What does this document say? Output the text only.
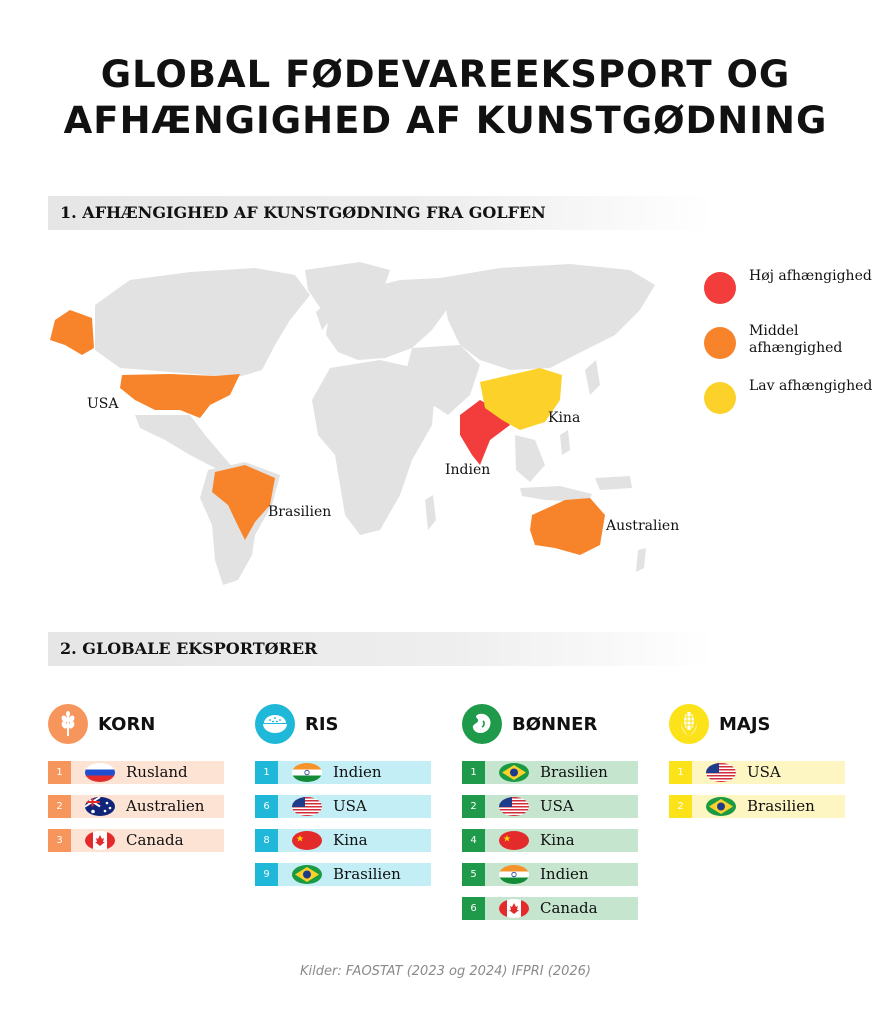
GLOBAL FØDEVAREEKSPORT OG
AFHÆNGIGHED AF KUNSTGØDNING
1. AFHÆNGIGHED AF KUNSTGØDNING FRA GOLFEN
USA
Brasilien
Indien
Kina
Australien
Høj afhængighed
Middel afhængighed
Lav afhængighed
2. GLOBALE EKSPORTØRER
KORN
1	Rusland
2	Australien
3	Canada
RIS
1	Indien
6	USA
8	Kina
9	Brasilien
BØNNER
1	Brasilien
2	USA
4	Kina
5	Indien
6	Canada
MAJS
1	USA
2	Brasilien
Kilder: FAOSTAT (2023 og 2024) IFPRI (2026)
